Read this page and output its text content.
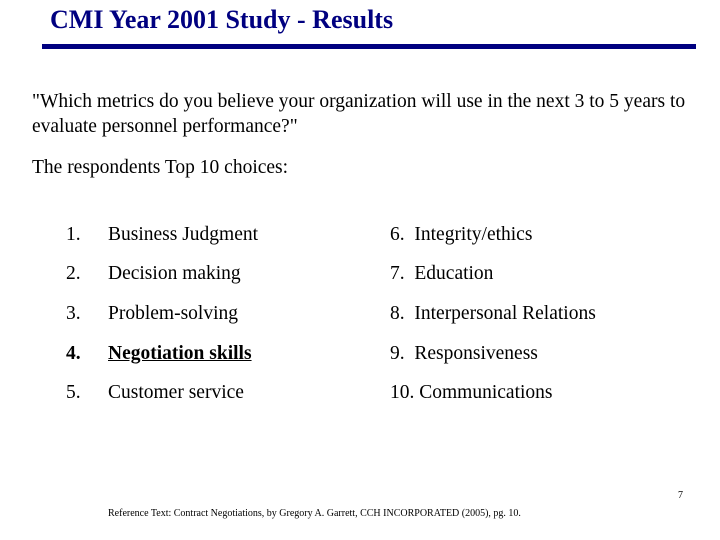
CMI Year 2001 Study - Results
"Which metrics do you believe your organization will use in the next 3 to 5 years to evaluate personnel performance?"
The respondents Top 10 choices:
1. Business Judgment	6.  Integrity/ethics
2. Decision making	7.  Education
3. Problem-solving	8.  Interpersonal Relations
4. Negotiation skills	9.  Responsiveness
5. Customer service	10. Communications
7
Reference Text: Contract Negotiations, by Gregory A. Garrett, CCH INCORPORATED (2005), pg. 10.
